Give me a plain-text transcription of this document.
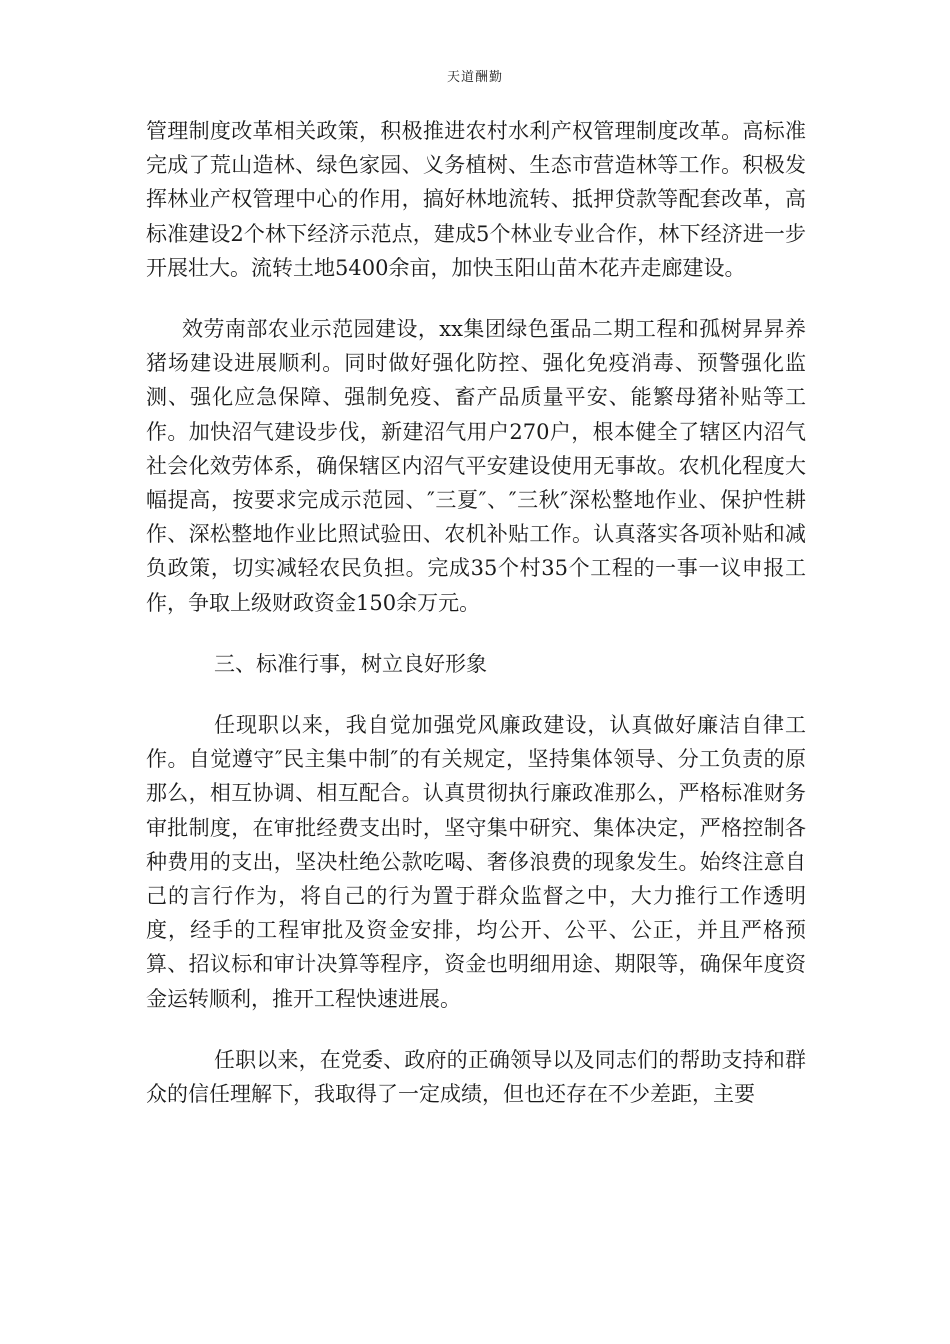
天道酬勤

管理制度改革相关政策，积极推进农村水利产权管理制度改革。高标准完成了荒山造林、绿色家园、义务植树、生态市营造林等工作。积极发挥林业产权管理中心的作用，搞好林地流转、抵押贷款等配套改革，高标准建设2个林下经济示范点，建成5个林业专业合作，林下经济进一步开展壮大。流转土地5400余亩，加快玉阳山苗木花卉走廊建设。

效劳南部农业示范园建设，xx集团绿色蛋品二期工程和孤树昇昇养猪场建设进展顺利。同时做好强化防控、强化免疫消毒、预警强化监测、强化应急保障、强制免疫、畜产品质量平安、能繁母猪补贴等工作。加快沼气建设步伐，新建沼气用户270户，根本健全了辖区内沼气社会化效劳体系，确保辖区内沼气平安建设使用无事故。农机化程度大幅提高，按要求完成示范园、″三夏″、″三秋″深松整地作业、保护性耕作、深松整地作业比照试验田、农机补贴工作。认真落实各项补贴和减负政策，切实减轻农民负担。完成35个村35个工程的一事一议申报工作，争取上级财政资金150余万元。

三、标准行事，树立良好形象

任现职以来，我自觉加强党风廉政建设，认真做好廉洁自律工作。自觉遵守″民主集中制″的有关规定，坚持集体领导、分工负责的原那么，相互协调、相互配合。认真贯彻执行廉政准那么，严格标准财务审批制度，在审批经费支出时，坚守集中研究、集体决定，严格控制各种费用的支出，坚决杜绝公款吃喝、奢侈浪费的现象发生。始终注意自己的言行作为，将自己的行为置于群众监督之中，大力推行工作透明度，经手的工程审批及资金安排，均公开、公平、公正，并且严格预算、招议标和审计决算等程序，资金也明细用途、期限等，确保年度资金运转顺利，推开工程快速进展。

任职以来，在党委、政府的正确领导以及同志们的帮助支持和群众的信任理解下，我取得了一定成绩，但也还存在不少差距，主要
